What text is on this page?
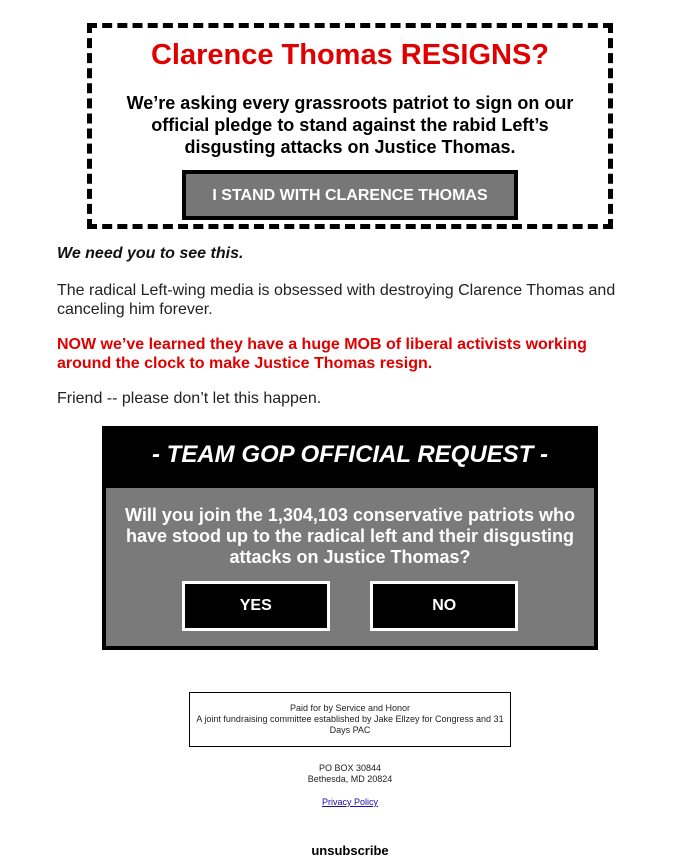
Clarence Thomas RESIGNS?
We’re asking every grassroots patriot to sign on our official pledge to stand against the rabid Left’s disgusting attacks on Justice Thomas.
I STAND WITH CLARENCE THOMAS
We need you to see this.
The radical Left-wing media is obsessed with destroying Clarence Thomas and canceling him forever.
NOW we’ve learned they have a huge MOB of liberal activists working around the clock to make Justice Thomas resign.
Friend -- please don’t let this happen.
- TEAM GOP OFFICIAL REQUEST -
Will you join the 1,304,103 conservative patriots who have stood up to the radical left and their disgusting attacks on Justice Thomas?
YES	NO
Paid for by Service and Honor
A joint fundraising committee established by Jake Ellzey for Congress and 31 Days PAC
PO BOX 30844
Bethesda, MD 20824
Privacy Policy
unsubscribe
